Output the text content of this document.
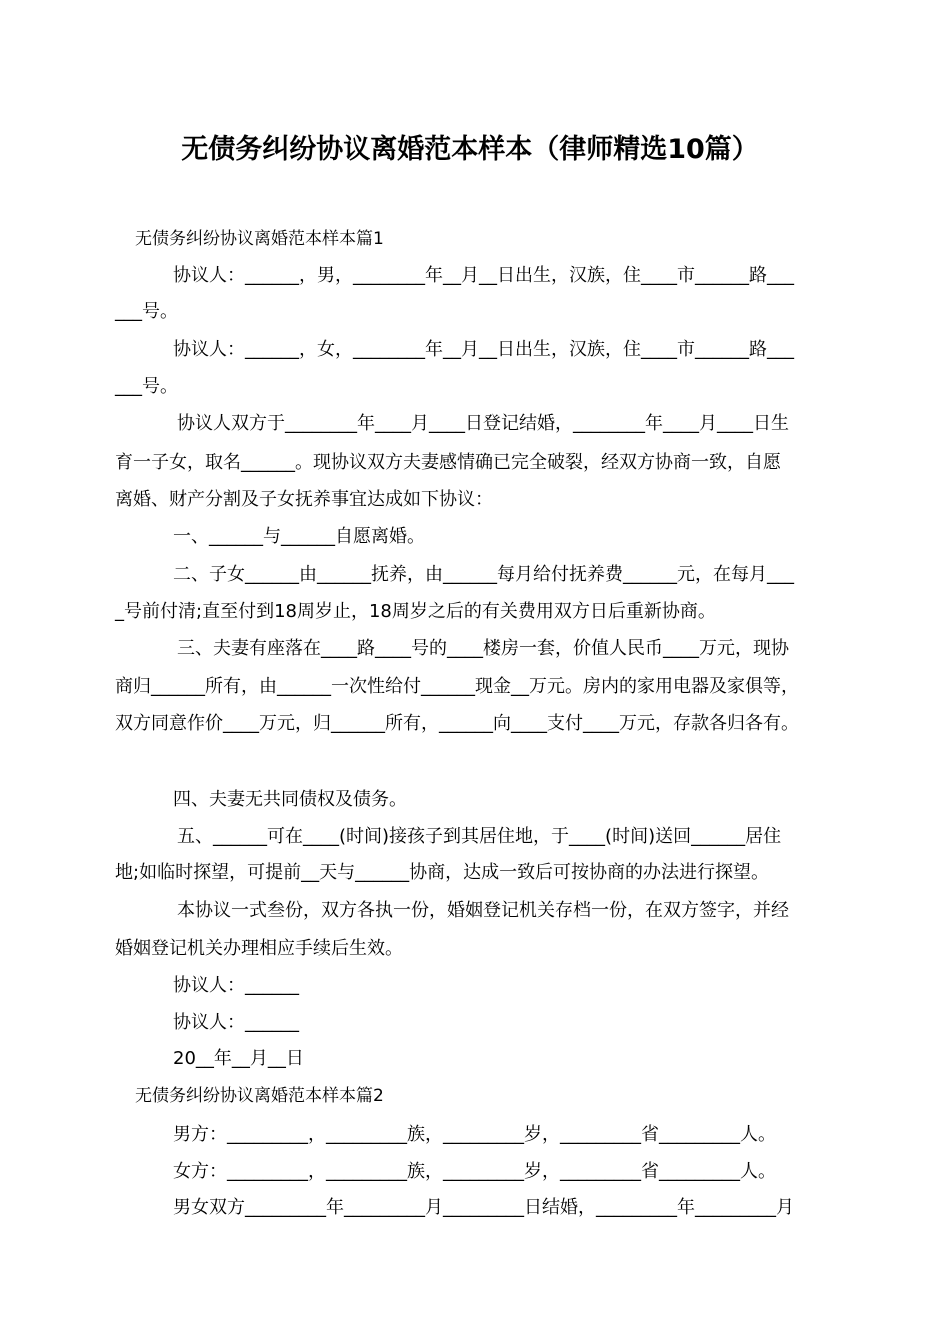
无债务纠纷协议离婚范本样本（律师精选10篇）
无债务纠纷协议离婚范本样本篇1
协议人：______，男，________年__月__日出生，汉族，住____市______路___
___号。
协议人：______，女，________年__月__日出生，汉族，住____市______路___
___号。
协议人双方于________年____月____日登记结婚，________年____月____日生
育一子女，取名______。现协议双方夫妻感情确已完全破裂，经双方协商一致，自愿
离婚、财产分割及子女抚养事宜达成如下协议：
一、______与______自愿离婚。
二、子女______由______抚养，由______每月给付抚养费______元，在每月___
_号前付清;直至付到18周岁止，18周岁之后的有关费用双方日后重新协商。
三、夫妻有座落在____路____号的____楼房一套，价值人民币____万元，现协
商归______所有，由______一次性给付______现金__万元。房内的家用电器及家俱等，
双方同意作价____万元，归______所有，______向____支付____万元，存款各归各有。
四、夫妻无共同债权及债务。
五、______可在____(时间)接孩子到其居住地，于____(时间)送回______居住
地;如临时探望，可提前__天与______协商，达成一致后可按协商的办法进行探望。
本协议一式叁份，双方各执一份，婚姻登记机关存档一份，在双方签字，并经
婚姻登记机关办理相应手续后生效。
协议人：______
协议人：______
20__年__月__日
无债务纠纷协议离婚范本样本篇2
男方：_________，_________族，_________岁，_________省_________人。
女方：_________，_________族，_________岁，_________省_________人。
男女双方_________年_________月_________日结婚，_________年_________月
